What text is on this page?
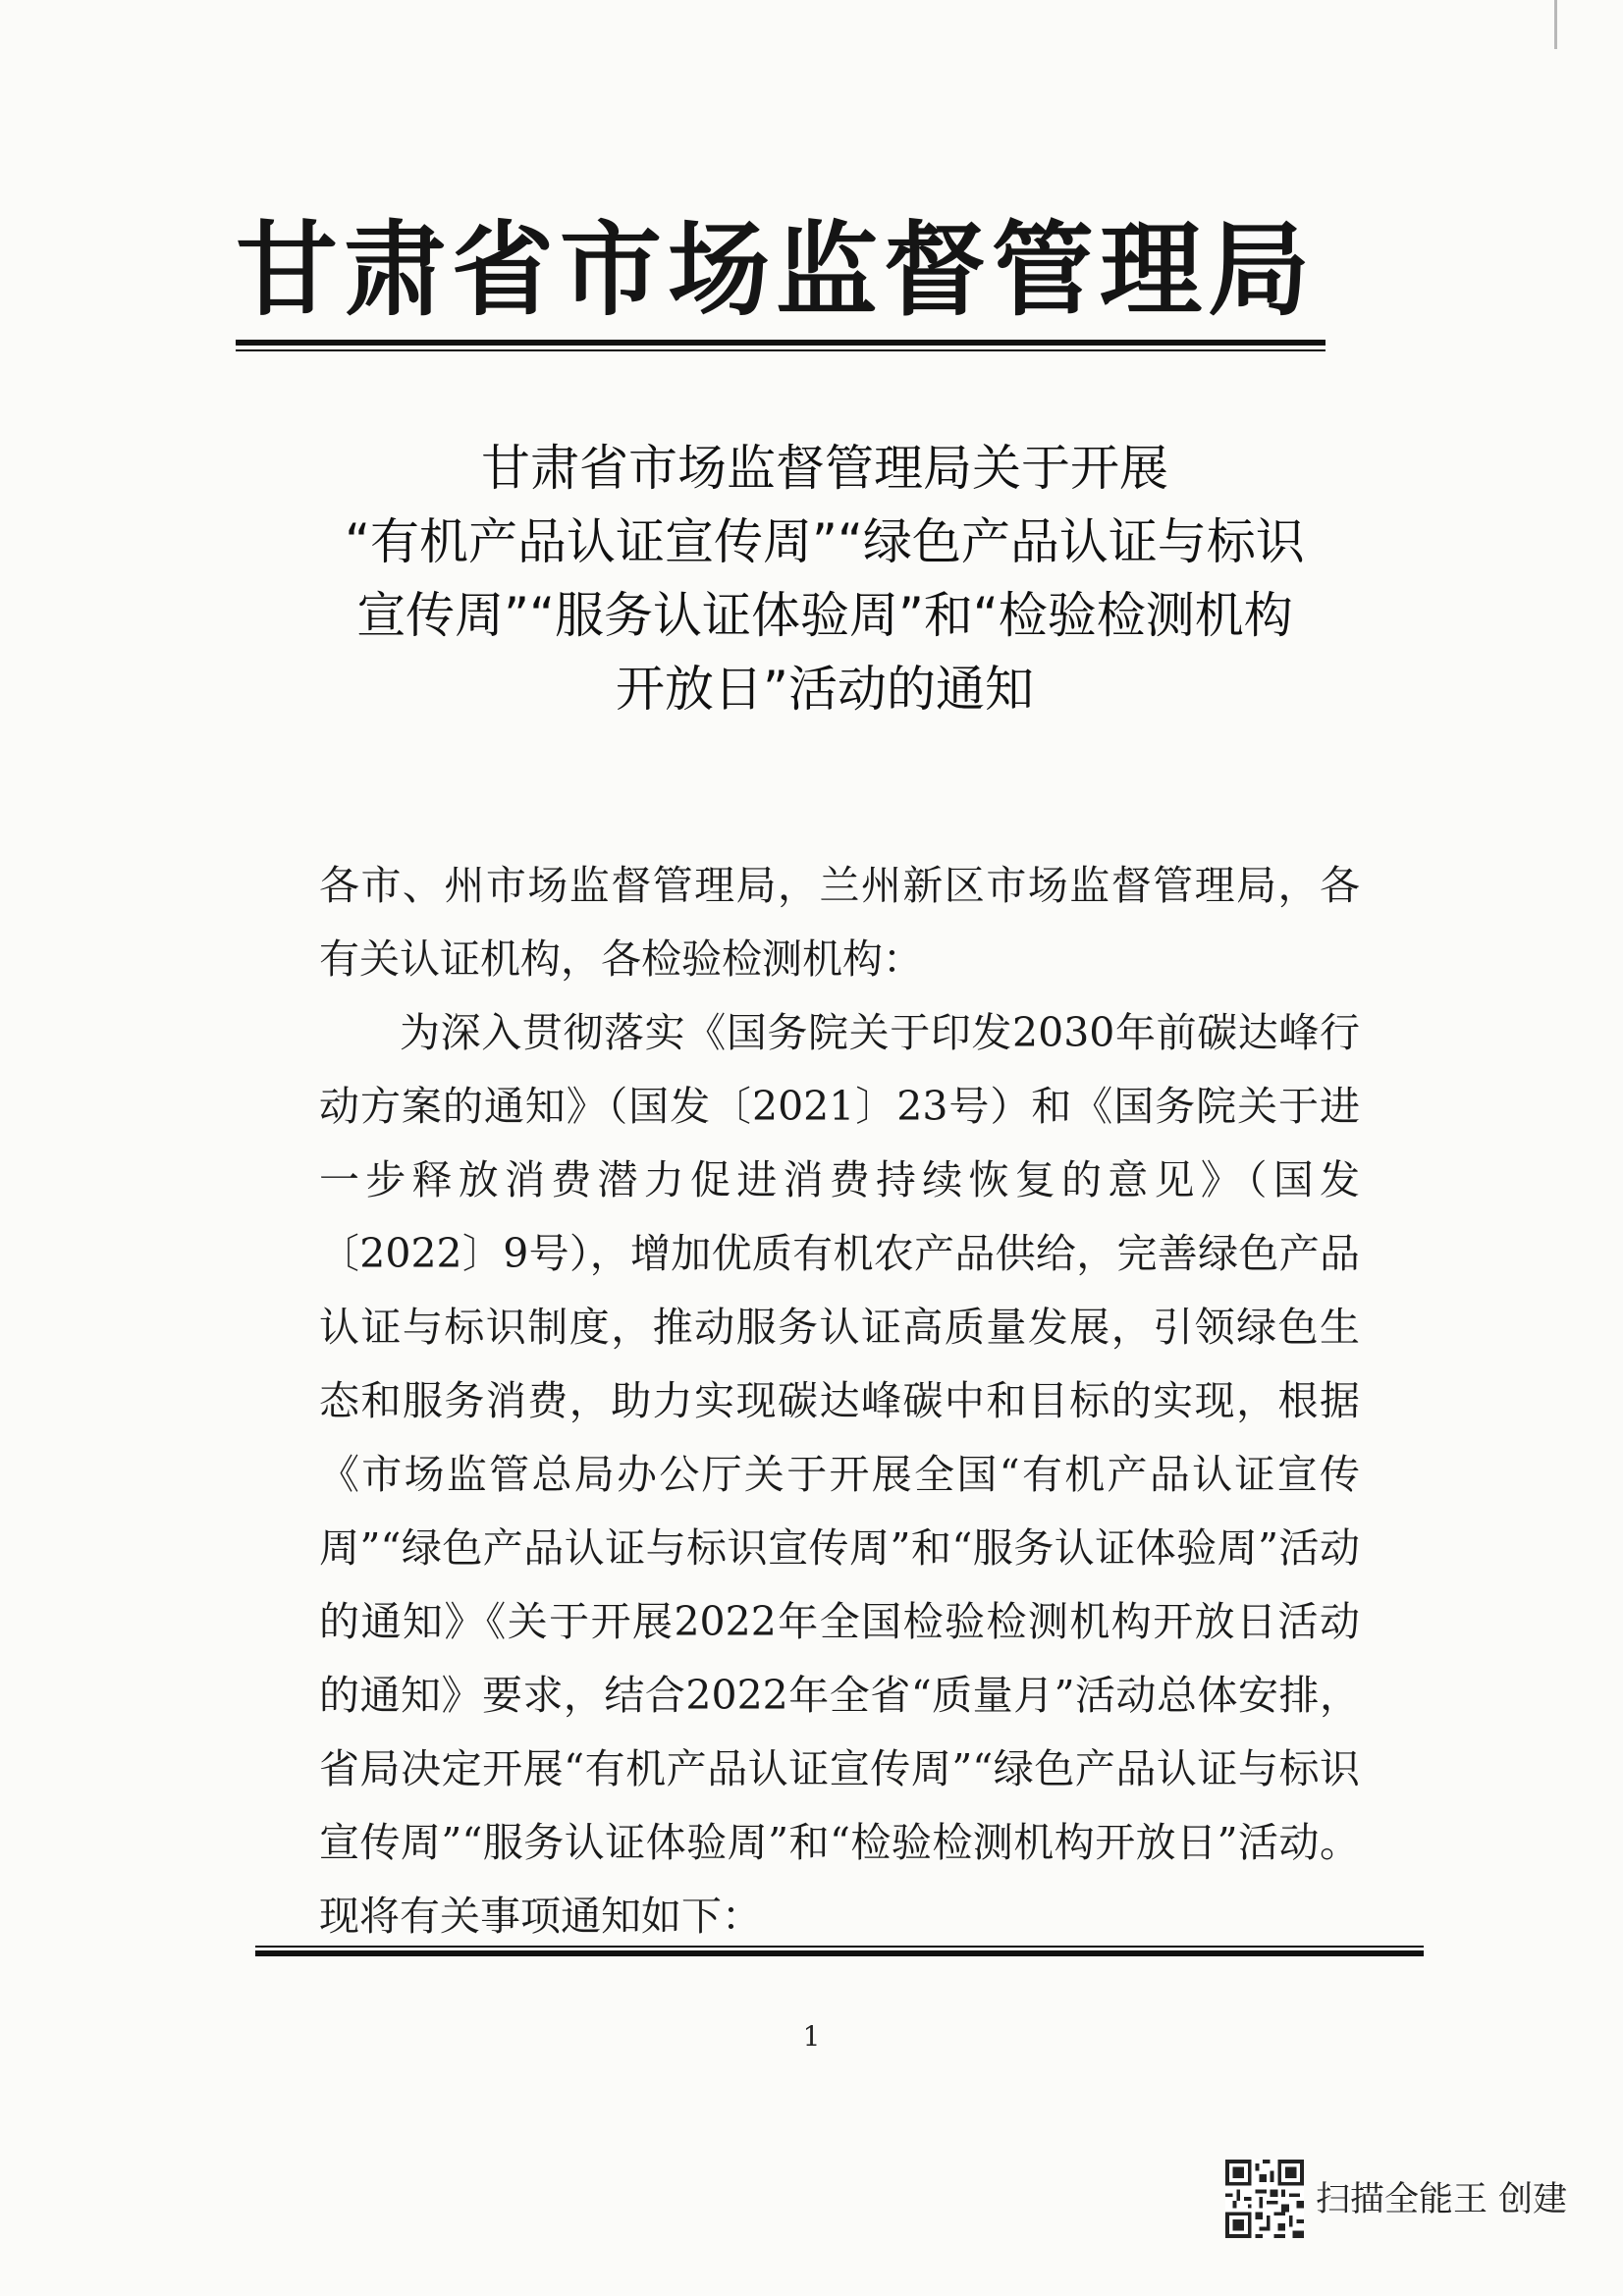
甘肃省市场监督管理局
甘肃省市场监督管理局关于开展
“有机产品认证宣传周”“绿色产品认证与标识
宣传周”“服务认证体验周”和“检验检测机构
开放日”活动的通知

各市、州市场监督管理局，兰州新区市场监督管理局，各有关认证机构，各检验检测机构：

为深入贯彻落实《国务院关于印发2030年前碳达峰行动方案的通知》（国发〔2021〕23号）和《国务院关于进一步释放消费潜力促进消费持续恢复的意见》（国发〔2022〕9号），增加优质有机农产品供给，完善绿色产品认证与标识制度，推动服务认证高质量发展，引领绿色生态和服务消费，助力实现碳达峰碳中和目标的实现，根据《市场监管总局办公厅关于开展全国“有机产品认证宣传周”“绿色产品认证与标识宣传周”和“服务认证体验周”活动的通知》《关于开展2022年全国检验检测机构开放日活动的通知》要求，结合2022年全省“质量月”活动总体安排，省局决定开展“有机产品认证宣传周”“绿色产品认证与标识宣传周”“服务认证体验周”和“检验检测机构开放日”活动。现将有关事项通知如下：

1
扫描全能王 创建
